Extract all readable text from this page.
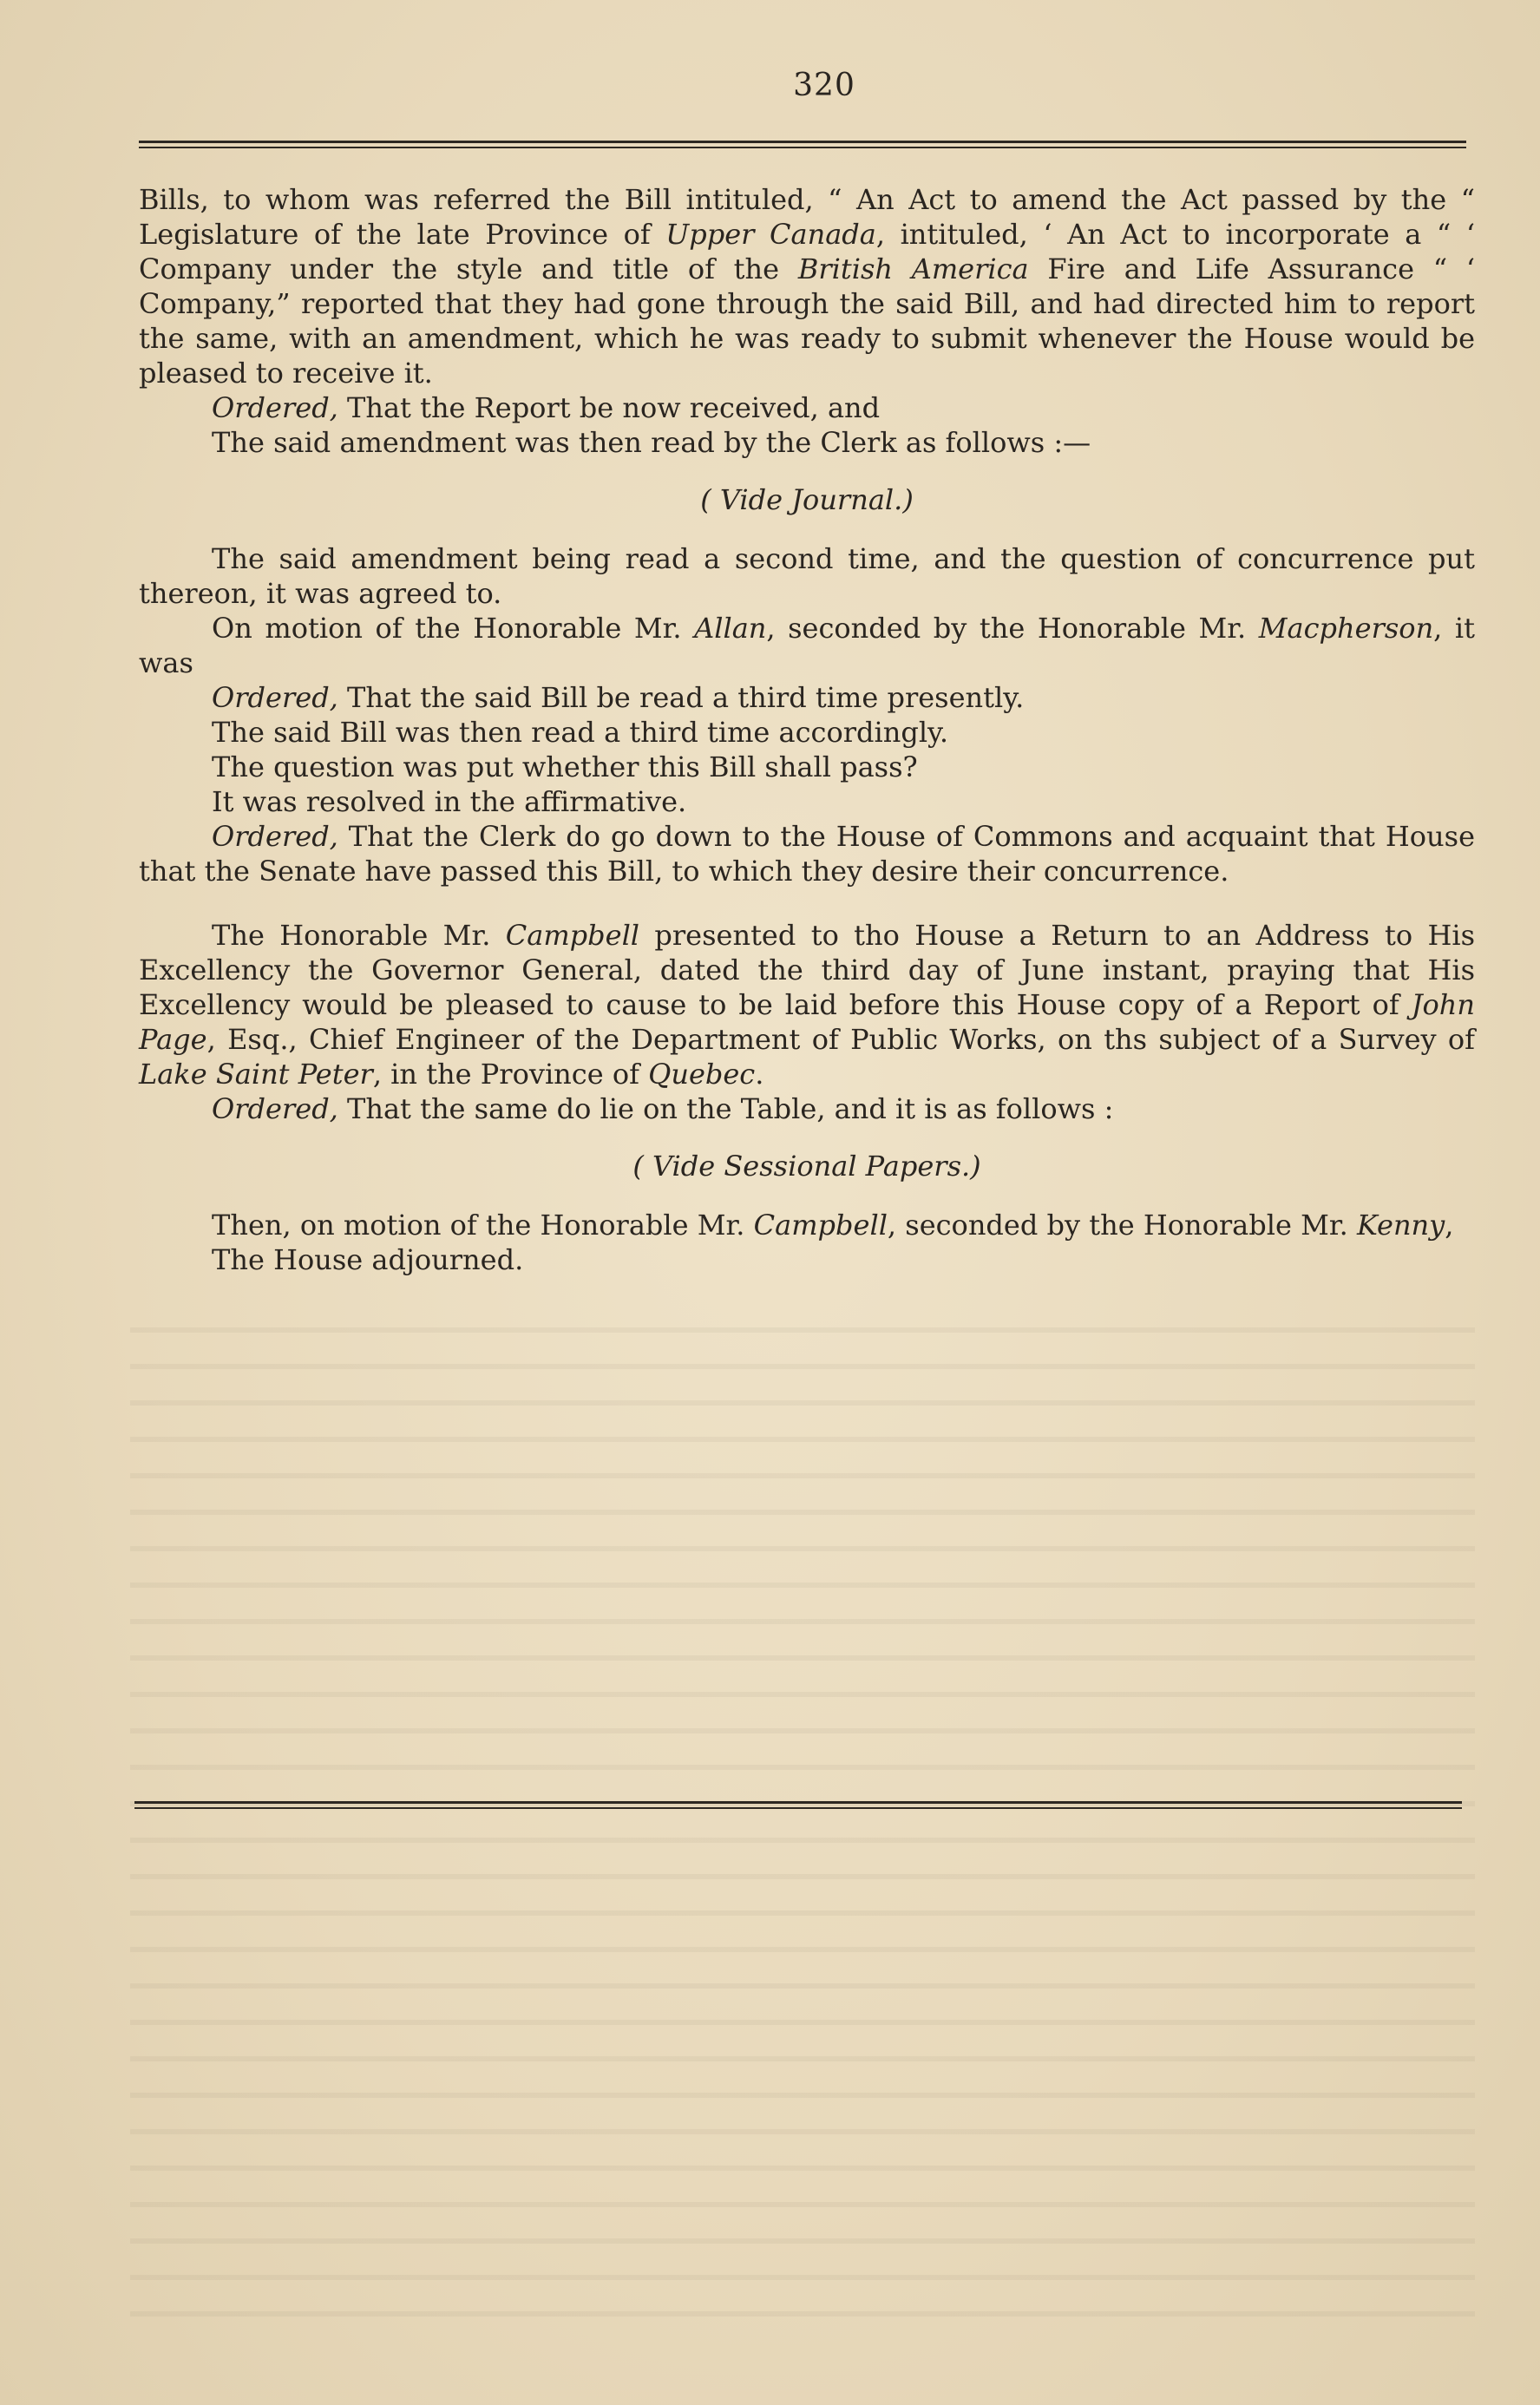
320

Bills, to whom was referred the Bill intituled, “ An Act to amend the Act passed by the “ Legislature of the late Province of Upper Canada, intituled, ‘ An Act to incorporate a “ ‘ Company under the style and title of the British America Fire and Life Assurance “ ‘ Company,” reported that they had gone through the said Bill, and had directed him to report the same, with an amendment, which he was ready to submit whenever the House would be pleased to receive it.

Ordered, That the Report be now received, and

The said amendment was then read by the Clerk as follows :—

( Vide Journal.)

The said amendment being read a second time, and the question of concurrence put thereon, it was agreed to.

On motion of the Honorable Mr. Allan, seconded by the Honorable Mr. Macpherson, it was

Ordered, That the said Bill be read a third time presently.

The said Bill was then read a third time accordingly.

The question was put whether this Bill shall pass?

It was resolved in the affirmative.

Ordered, That the Clerk do go down to the House of Commons and acquaint that House that the Senate have passed this Bill, to which they desire their concurrence.

The Honorable Mr. Campbell presented to tho House a Return to an Address to His Excellency the Governor General, dated the third day of June instant, praying that His Excellency would be pleased to cause to be laid before this House copy of a Report of John Page, Esq., Chief Engineer of the Department of Public Works, on ths subject of a Survey of Lake Saint Peter, in the Province of Quebec.

Ordered, That the same do lie on the Table, and it is as follows :

( Vide Sessional Papers.)

Then, on motion of the Honorable Mr. Campbell, seconded by the Honorable Mr. Kenny,

The House adjourned.
